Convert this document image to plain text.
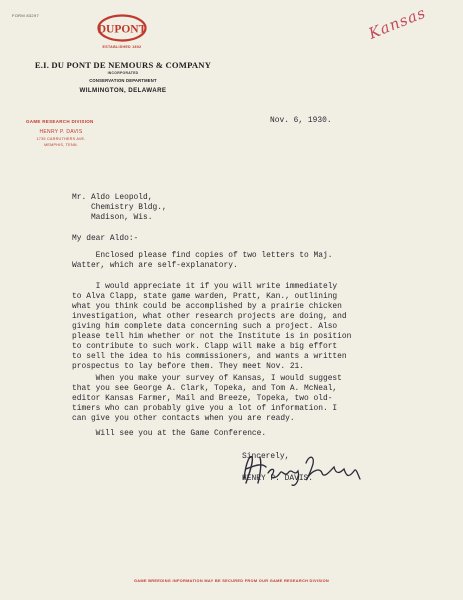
FORM 83297
DUPONT
ESTABLISHED 1802
E.I. DU PONT DE NEMOURS & COMPANY
INCORPORATED
CONSERVATION DEPARTMENT
WILMINGTON, DELAWARE
GAME RESEARCH DIVISION
HENRY P. DAVIS
1735 CARRUTHERS AVE.
MEMPHIS, TENN.
Kansas
Nov. 6, 1930.
Mr. Aldo Leopold,
Chemistry Bldg.,
Madison, Wis.
My dear Aldo:-
Enclosed please find copies of two letters to Maj.
Watter, which are self-explanatory.
I would appreciate it if you will write immediately
to Alva Clapp, state game warden, Pratt, Kan., outlining
what you think could be accomplished by a prairie chicken
investigation, what other research projects are doing, and
giving him complete data concerning such a project. Also
please tell him whether or not the Institute is in position
to contribute to such work. Clapp will make a big effort
to sell the idea to his commissioners, and wants a written
prospectus to lay before them. They meet Nov. 21.
When you make your survey of Kansas, I would suggest
that you see George A. Clark, Topeka, and Tom A. McNeal,
editor Kansas Farmer, Mail and Breeze, Topeka, two old-
timers who can probably give you a lot of information. I
can give you other contacts when you are ready.
Will see you at the Game Conference.
Sincerely,
HENRY P. DAVIS.
GAME BREEDING INFORMATION MAY BE SECURED FROM OUR GAME RESEARCH DIVISION
